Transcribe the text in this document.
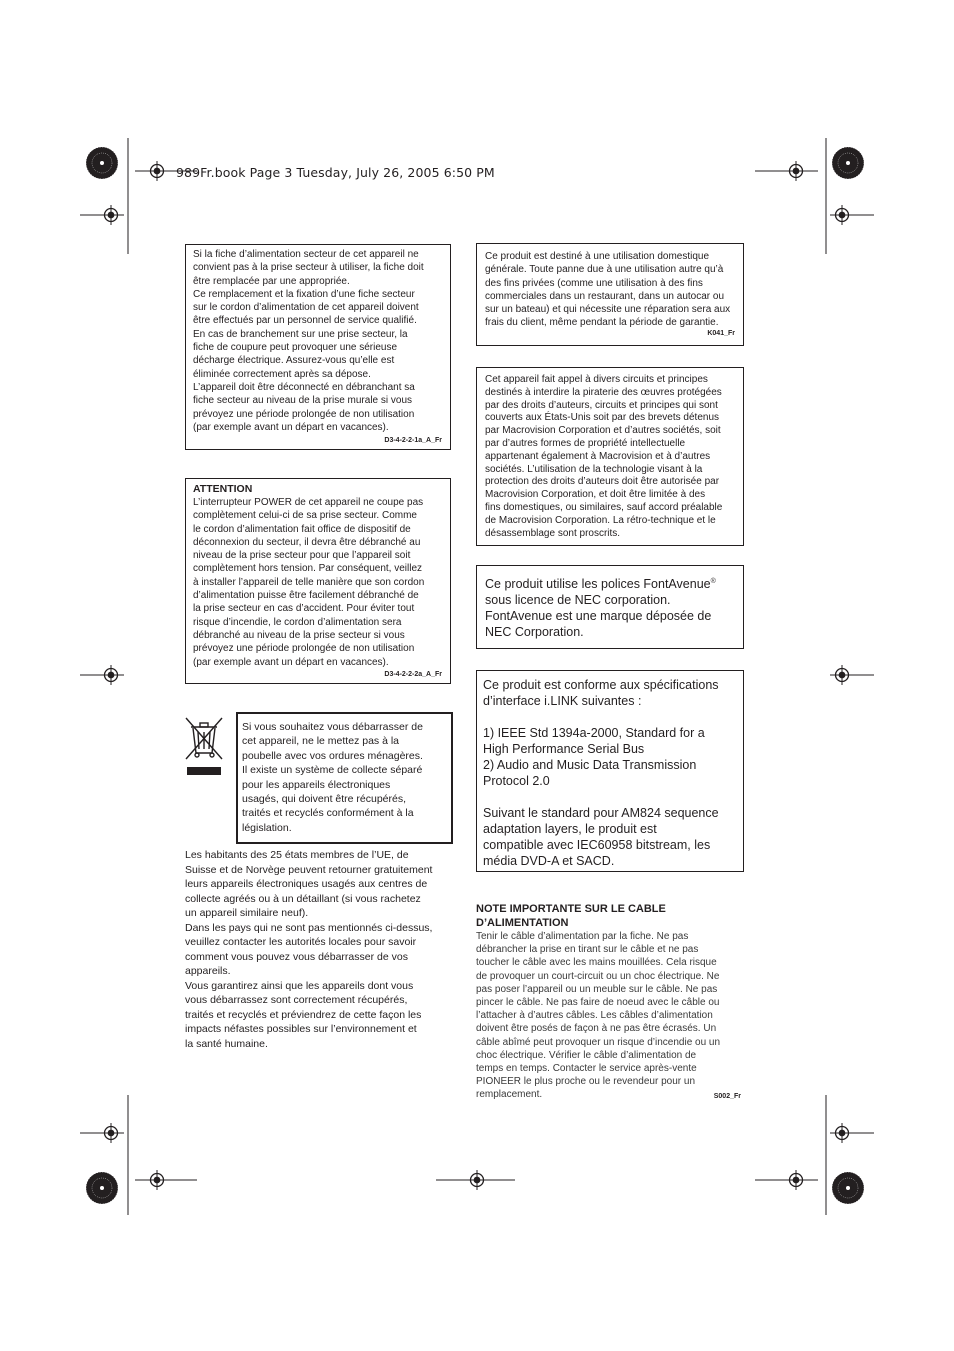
989Fr.book Page 3 Tuesday, July 26, 2005 6:50 PM

Si la fiche d’alimentation secteur de cet appareil ne
convient pas à la prise secteur à utiliser, la fiche doit
être remplacée par une appropriée.
Ce remplacement et la fixation d’une fiche secteur
sur le cordon d’alimentation de cet appareil doivent
être effectués par un personnel de service qualifié.
En cas de branchement sur une prise secteur, la
fiche de coupure peut provoquer une sérieuse
décharge électrique. Assurez-vous qu’elle est
éliminée correctement après sa dépose.
L’appareil doit être déconnecté en débranchant sa
fiche secteur au niveau de la prise murale si vous
prévoyez une période prolongée de non utilisation
(par exemple avant un départ en vacances).

D3-4-2-2-1a_A_Fr
ATTENTION

L’interrupteur POWER de cet appareil ne coupe pas
complètement celui-ci de sa prise secteur. Comme
le cordon d’alimentation fait office de dispositif de
déconnexion du secteur, il devra être débranché au
niveau de la prise secteur pour que l’appareil soit
complètement hors tension. Par conséquent, veillez
à installer l’appareil de telle manière que son cordon
d’alimentation puisse être facilement débranché de
la prise secteur en cas d’accident. Pour éviter tout
risque d’incendie, le cordon d’alimentation sera
débranché au niveau de la prise secteur si vous
prévoyez une période prolongée de non utilisation
(par exemple avant un départ en vacances).

D3-4-2-2-2a_A_Fr

Si vous souhaitez vous débarrasser de
cet appareil, ne le mettez pas à la
poubelle avec vos ordures ménagères.
Il existe un système de collecte séparé
pour les appareils électroniques
usagés, qui doivent être récupérés,
traités et recyclés conformément à la
législation.

Les habitants des 25 états membres de l’UE, de
Suisse et de Norvège peuvent retourner gratuitement
leurs appareils électroniques usagés aux centres de
collecte agréés ou à un détaillant (si vous rachetez
un appareil similaire neuf).
Dans les pays qui ne sont pas mentionnés ci-dessus,
veuillez contacter les autorités locales pour savoir
comment vous pouvez vous débarrasser de vos
appareils.
Vous garantirez ainsi que les appareils dont vous
vous débarrassez sont correctement récupérés,
traités et recyclés et préviendrez de cette façon les
impacts néfastes possibles sur l’environnement et
la santé humaine.

Ce produit est destiné à une utilisation domestique
générale. Toute panne due à une utilisation autre qu’à
des fins privées (comme une utilisation à des fins
commerciales dans un restaurant, dans un autocar ou
sur un bateau) et qui nécessite une réparation sera aux
frais du client, même pendant la période de garantie.

K041_Fr

Cet appareil fait appel à divers circuits et principes
destinés à interdire la piraterie des œuvres protégées
par des droits d’auteurs, circuits et principes qui sont
couverts aux États-Unis soit par des brevets détenus
par Macrovision Corporation et d’autres sociétés, soit
par d’autres formes de propriété intellectuelle
appartenant également à Macrovision et à d’autres
sociétés. L’utilisation de la technologie visant à la
protection des droits d’auteurs doit être autorisée par
Macrovision Corporation, et doit être limitée à des
fins domestiques, ou similaires, sauf accord préalable
de Macrovision Corporation. La rétro-technique et le
désassemblage sont proscrits.

Ce produit utilise les polices FontAvenue®
sous licence de NEC corporation.
FontAvenue est une marque déposée de
NEC Corporation.

Ce produit est conforme aux spécifications
d’interface i.LINK suivantes :

1) IEEE Std 1394a-2000, Standard for a
High Performance Serial Bus
2) Audio and Music Data Transmission
Protocol 2.0

Suivant le standard pour AM824 sequence
adaptation layers, le produit est
compatible avec IEC60958 bitstream, les
média DVD-A et SACD.

NOTE IMPORTANTE SUR LE CABLE
D’ALIMENTATION

Tenir le câble d’alimentation par la fiche. Ne pas
débrancher la prise en tirant sur le câble et ne pas
toucher le câble avec les mains mouillées. Cela risque
de provoquer un court-circuit ou un choc électrique. Ne
pas poser l’appareil ou un meuble sur le câble. Ne pas
pincer le câble. Ne pas faire de noeud avec le câble ou
l’attacher à d’autres câbles. Les câbles d’alimentation
doivent être posés de façon à ne pas être écrasés. Un
câble abîmé peut provoquer un risque d’incendie ou un
choc électrique. Vérifier le câble d’alimentation de
temps en temps. Contacter le service après-vente
PIONEER le plus proche ou le revendeur pour un
remplacement.	S002_Fr
